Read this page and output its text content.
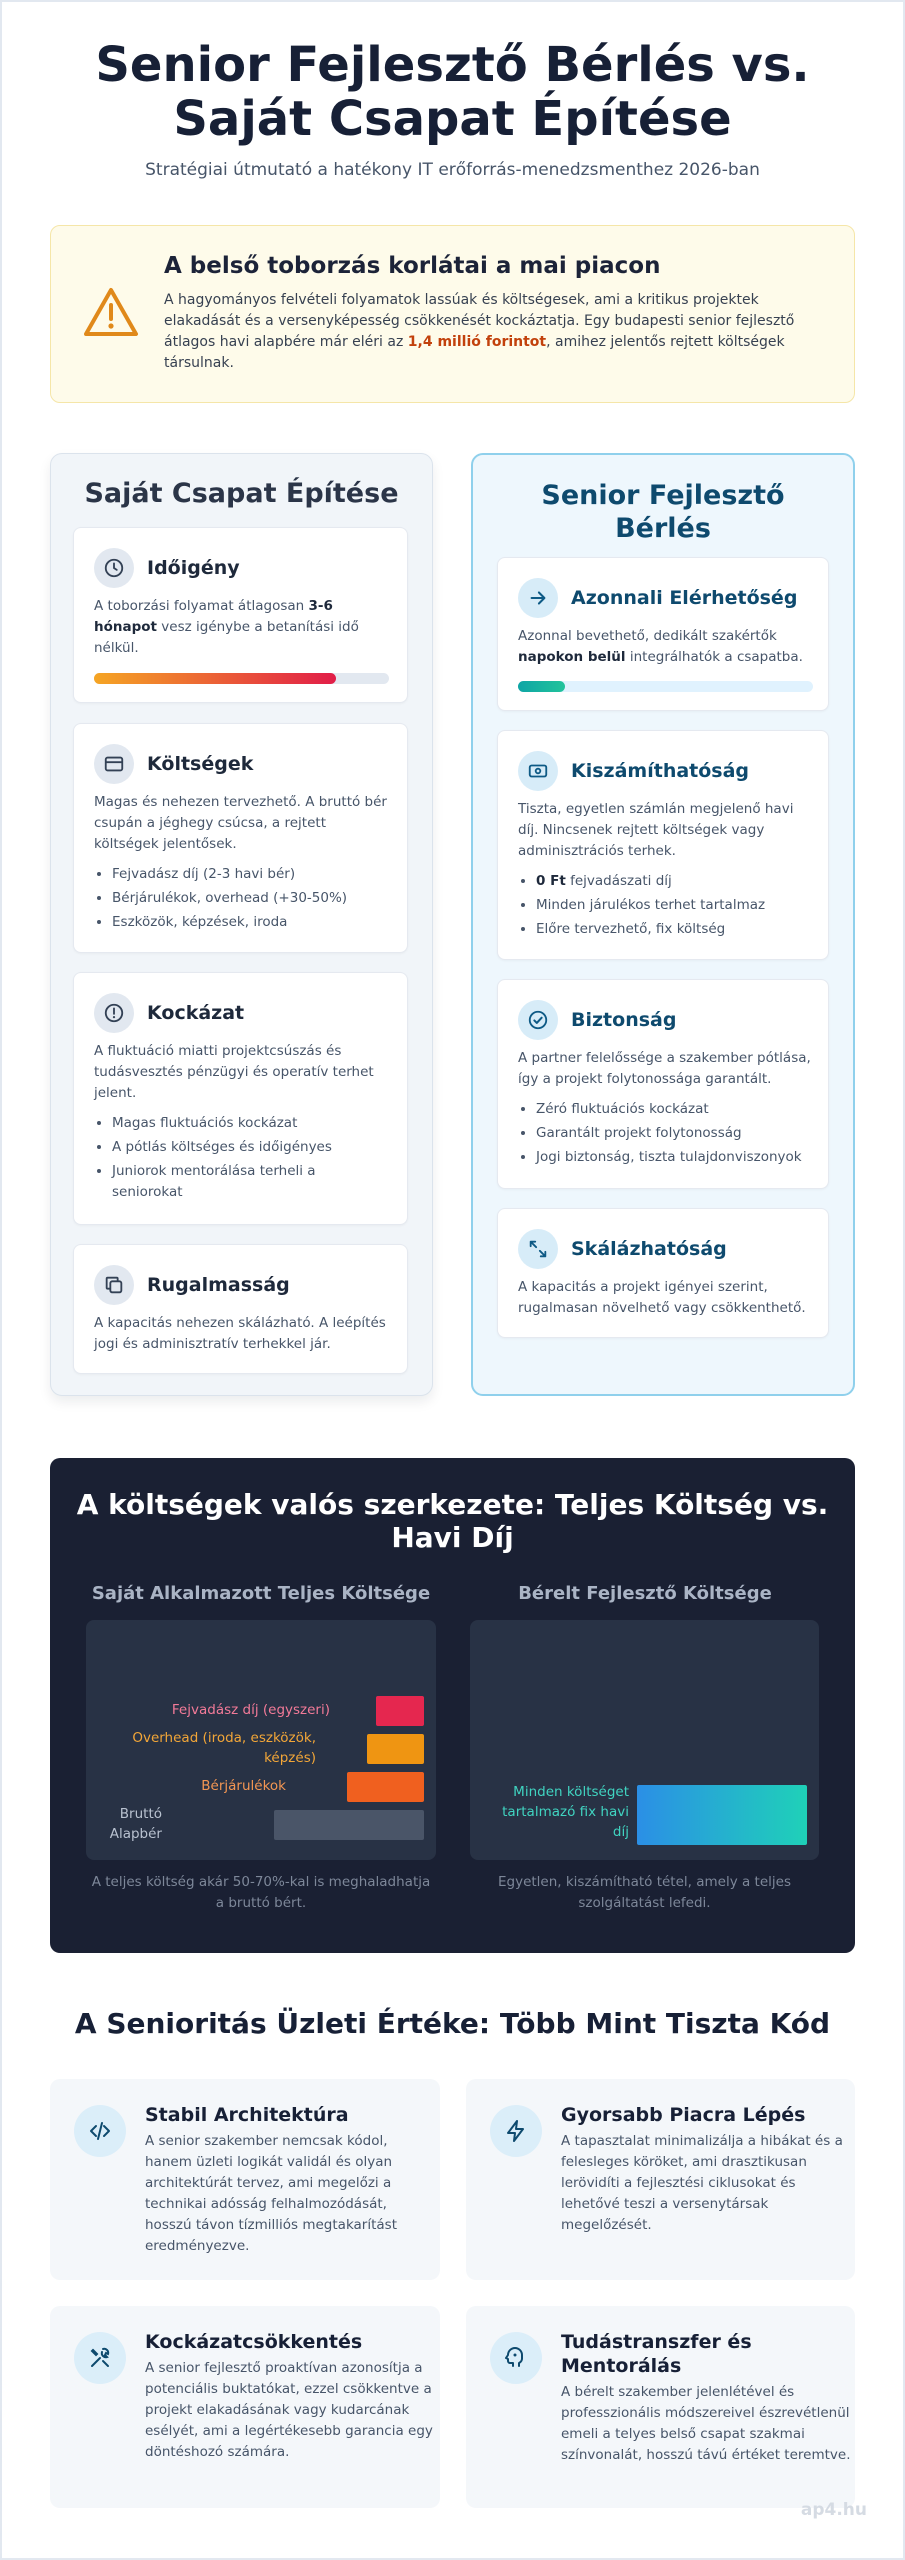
Senior Fejlesztő Bérlés vs.
Saját Csapat Építése

Stratégiai útmutató a hatékony IT erőforrás-menedzsmenthez 2026-ban

A belső toborzás korlátai a mai piacon

A hagyományos felvételi folyamatok lassúak és költségesek, ami a kritikus projektek elakadását és a versenyképesség csökkenését kockáztatja. Egy budapesti senior fejlesztő átlagos havi alapbére már eléri az 1,4 millió forintot, amihez jelentős rejtett költségek társulnak.

Saját Csapat Építése
Időigény

A toborzási folyamat átlagosan 3-6 hónapot vesz igénybe a betanítási idő nélkül.

Költségek

Magas és nehezen tervezhető. A bruttó bér csupán a jéghegy csúcsa, a rejtett költségek jelentősek.

• Fejvadász díj (2-3 havi bér)
• Bérjárulékok, overhead (+30-50%)
• Eszközök, képzések, iroda
Kockázat

A fluktuáció miatti projektcsúszás és tudásvesztés pénzügyi és operatív terhet jelent.

• Magas fluktuációs kockázat
• A pótlás költséges és időigényes
• Juniorok mentorálása terheli a seniorokat
Rugalmasság

A kapacitás nehezen skálázható. A leépítés jogi és adminisztratív terhekkel jár.

Senior Fejlesztő
Bérlés
Azonnali Elérhetőség

Azonnal bevethető, dedikált szakértők napokon belül integrálhatók a csapatba.

Kiszámíthatóság

Tiszta, egyetlen számlán megjelenő havi díj. Nincsenek rejtett költségek vagy adminisztrációs terhek.

• 0 Ft fejvadászati díj
• Minden járulékos terhet tartalmaz
• Előre tervezhető, fix költség
Biztonság

A partner felelőssége a szakember pótlása, így a projekt folytonossága garantált.

• Zéró fluktuációs kockázat
• Garantált projekt folytonosság
• Jogi biztonság, tiszta tulajdonviszonyok
Skálázhatóság

A kapacitás a projekt igényei szerint, rugalmasan növelhető vagy csökkenthető.

A költségek valós szerkezete: Teljes Költség vs.
Havi Díj

Saját Alkalmazott Teljes Költsége	Bérelt Fejlesztő Költsége

Fejvadász díj (egyszeri)
Overhead (iroda, eszközök,
képzés)
Bérjárulékok
Bruttó
Alapbér
Minden költséget
tartalmazó fix havi
díj

A teljes költség akár 50-70%-kal is meghaladhatja
a bruttó bért.

Egyetlen, kiszámítható tétel, amely a teljes
szolgáltatást lefedi.

A Senioritás Üzleti Értéke: Több Mint Tiszta Kód
Stabil Architektúra

A senior szakember nemcsak kódol, hanem üzleti logikát validál és olyan architektúrát tervez, ami megelőzi a technikai adósság felhalmozódását, hosszú távon tízmilliós megtakarítást eredményezve.

Gyorsabb Piacra Lépés

A tapasztalat minimalizálja a hibákat és a felesleges köröket, ami drasztikusan lerövidíti a fejlesztési ciklusokat és lehetővé teszi a versenytársak megelőzését.

Kockázatcsökkentés

A senior fejlesztő proaktívan azonosítja a potenciális buktatókat, ezzel csökkentve a projekt elakadásának vagy kudarcának esélyét, ami a legértékesebb garancia egy döntéshozó számára.

Tudástranszfer és Mentorálás

A bérelt szakember jelenlétével és professzionális módszereivel észrevétlenül emeli a telyes belső csapat szakmai színvonalát, hosszú távú értéket teremtve.

ap4.hu
